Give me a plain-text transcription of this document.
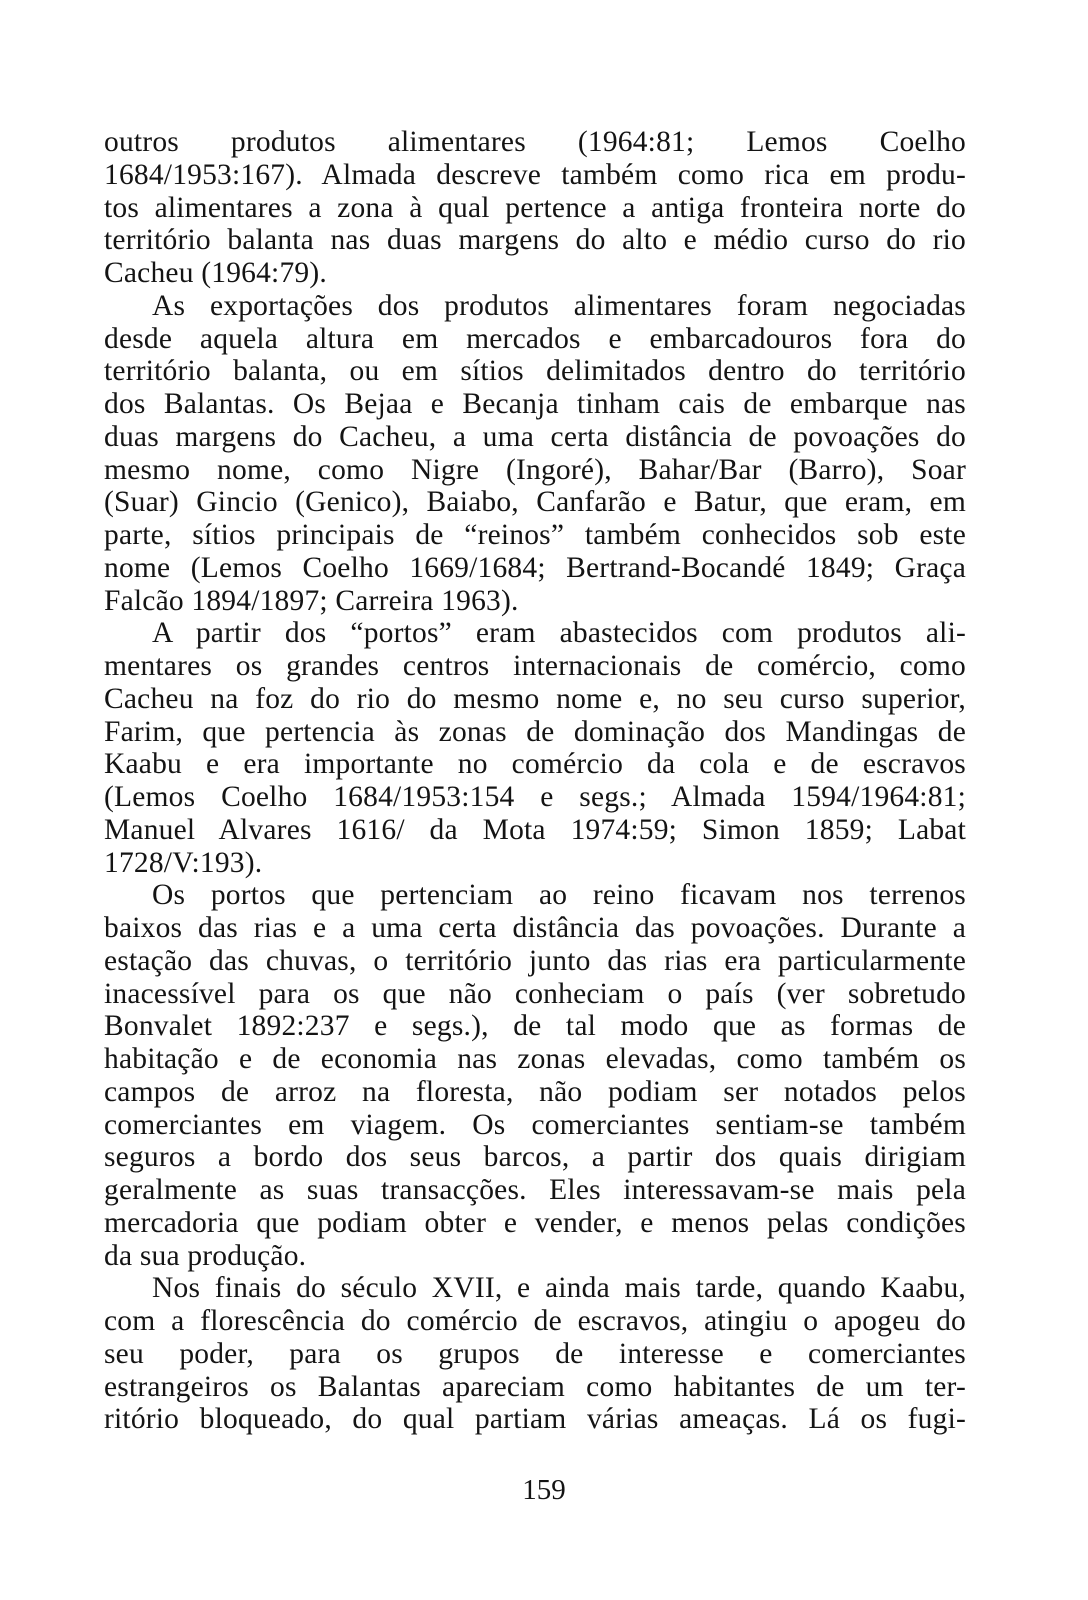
outros produtos alimentares (1964:81; Lemos Coelho
1684/1953:167). Almada descreve também como rica em produ-
tos alimentares a zona à qual pertence a antiga fronteira norte do
território balanta nas duas margens do alto e médio curso do rio
Cacheu (1964:79).
As exportações dos produtos alimentares foram negociadas
desde aquela altura em mercados e embarcadouros fora do
território balanta, ou em sítios delimitados dentro do território
dos Balantas. Os Bejaa e Becanja tinham cais de embarque nas
duas margens do Cacheu, a uma certa distância de povoações do
mesmo nome, como Nigre (Ingoré), Bahar/Bar (Barro), Soar
(Suar) Gincio (Genico), Baiabo, Canfarão e Batur, que eram, em
parte, sítios principais de “reinos” também conhecidos sob este
nome (Lemos Coelho 1669/1684; Bertrand-Bocandé 1849; Graça
Falcão 1894/1897; Carreira 1963).
A partir dos “portos” eram abastecidos com produtos ali-
mentares os grandes centros internacionais de comércio, como
Cacheu na foz do rio do mesmo nome e, no seu curso superior,
Farim, que pertencia às zonas de dominação dos Mandingas de
Kaabu e era importante no comércio da cola e de escravos
(Lemos Coelho 1684/1953:154 e segs.; Almada 1594/1964:81;
Manuel Alvares 1616/ da Mota 1974:59; Simon 1859; Labat
1728/V:193).
Os portos que pertenciam ao reino ficavam nos terrenos
baixos das rias e a uma certa distância das povoações. Durante a
estação das chuvas, o território junto das rias era particularmente
inacessível para os que não conheciam o país (ver sobretudo
Bonvalet 1892:237 e segs.), de tal modo que as formas de
habitação e de economia nas zonas elevadas, como também os
campos de arroz na floresta, não podiam ser notados pelos
comerciantes em viagem. Os comerciantes sentiam-se também
seguros a bordo dos seus barcos, a partir dos quais dirigiam
geralmente as suas transacções. Eles interessavam-se mais pela
mercadoria que podiam obter e vender, e menos pelas condições
da sua produção.
Nos finais do século XVII, e ainda mais tarde, quando Kaabu,
com a florescência do comércio de escravos, atingiu o apogeu do
seu poder, para os grupos de interesse e comerciantes
estrangeiros os Balantas apareciam como habitantes de um ter-
ritório bloqueado, do qual partiam várias ameaças. Lá os fugi-
159
